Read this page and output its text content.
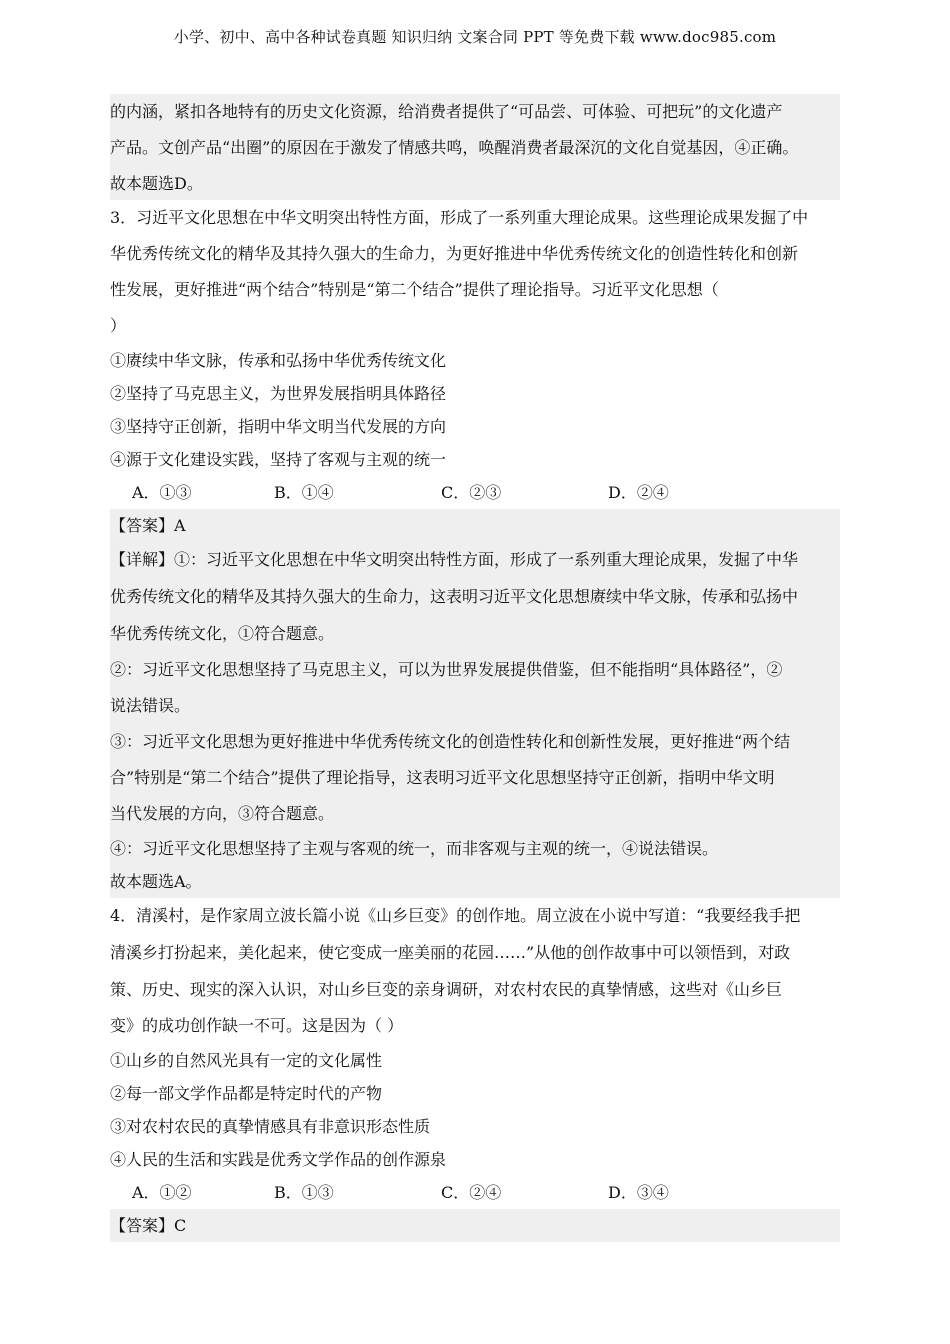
小学、初中、高中各种试卷真题 知识归纳 文案合同 PPT 等免费下载 www.doc985.com
的内涵，紧扣各地特有的历史文化资源，给消费者提供了“可品尝、可体验、可把玩”的文化遗产
产品。文创产品“出圈”的原因在于激发了情感共鸣，唤醒消费者最深沉的文化自觉基因，④正确。
故本题选D。
3．习近平文化思想在中华文明突出特性方面，形成了一系列重大理论成果。这些理论成果发掘了中
华优秀传统文化的精华及其持久强大的生命力，为更好推进中华优秀传统文化的创造性转化和创新
性发展，更好推进“两个结合”特别是“第二个结合”提供了理论指导。习近平文化思想（
）
①赓续中华文脉，传承和弘扬中华优秀传统文化
②坚持了马克思主义，为世界发展指明具体路径
③坚持守正创新，指明中华文明当代发展的方向
④源于文化建设实践，坚持了客观与主观的统一
A．①③	B．①④	C．②③	D．②④
【答案】A
【详解】①：习近平文化思想在中华文明突出特性方面，形成了一系列重大理论成果，发掘了中华
优秀传统文化的精华及其持久强大的生命力，这表明习近平文化思想赓续中华文脉，传承和弘扬中
华优秀传统文化，①符合题意。
②：习近平文化思想坚持了马克思主义，可以为世界发展提供借鉴，但不能指明“具体路径”，②
说法错误。
③：习近平文化思想为更好推进中华优秀传统文化的创造性转化和创新性发展，更好推进“两个结
合”特别是“第二个结合”提供了理论指导，这表明习近平文化思想坚持守正创新，指明中华文明
当代发展的方向，③符合题意。
④：习近平文化思想坚持了主观与客观的统一，而非客观与主观的统一，④说法错误。
故本题选A。
4．清溪村，是作家周立波长篇小说《山乡巨变》的创作地。周立波在小说中写道：“我要经我手把
清溪乡打扮起来，美化起来，使它变成一座美丽的花园……”从他的创作故事中可以领悟到，对政
策、历史、现实的深入认识，对山乡巨变的亲身调研，对农村农民的真挚情感，这些对《山乡巨
变》的成功创作缺一不可。这是因为（ ）
①山乡的自然风光具有一定的文化属性
②每一部文学作品都是特定时代的产物
③对农村农民的真挚情感具有非意识形态性质
④人民的生活和实践是优秀文学作品的创作源泉
A．①②	B．①③	C．②④	D．③④
【答案】C
